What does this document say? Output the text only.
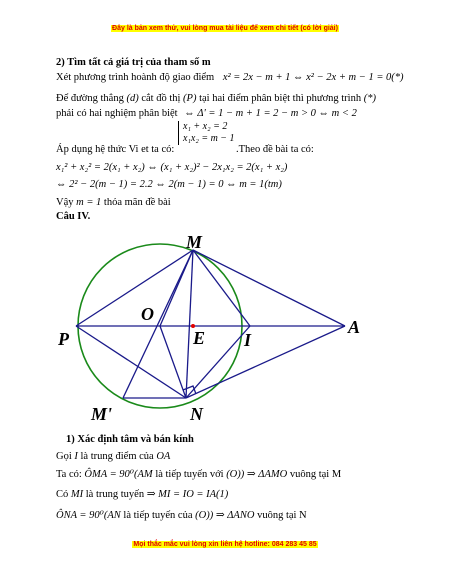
Đây là bản xem thử, vui lòng mua tài liệu để xem chi tiết (có lời giải)
2) Tìm tất cả giá trị của tham số m
Xét phương trình hoành độ giao điểm x² = 2x − m + 1 ⇔ x² − 2x + m − 1 = 0(*)
Để đường thẳng (d) cắt đồ thị (P) tại hai điểm phân biệt thì phương trình (*)
phải có hai nghiệm phân biệt ⇔ Δ' = 1 − m + 1 = 2 − m > 0 ⇔ m < 2
x₁ + x₂ = 2
x₁x₂ = m − 1
Áp dụng hệ thức Vi et ta có:	.Theo đề bài ta có:
x₁² + x₂² = 2(x₁ + x₂) ⇔ (x₁ + x₂)² − 2x₁x₂ = 2(x₁ + x₂)
⇔ 2² − 2(m − 1) = 2.2 ⇔ 2(m − 1) = 0 ⇔ m = 1(tm)
Vậy m = 1 thỏa mãn đề bài
Câu IV.
M
O
E I
A
P
M'	N
1) Xác định tâm và bán kính
Gọi I là trung điểm của OA
Ta có: ÔMA = 90⁰(AM là tiếp tuyến với (O)) ⇒ ΔAMO vuông tại M
Có MI là trung tuyến ⇒ MI = IO = IA(1)
ÔNA = 90⁰(AN là tiếp tuyến của (O)) ⇒ ΔANO vuông tại N
Mọi thắc mắc vui lòng xin liên hệ hotline: 084 283 45 85
